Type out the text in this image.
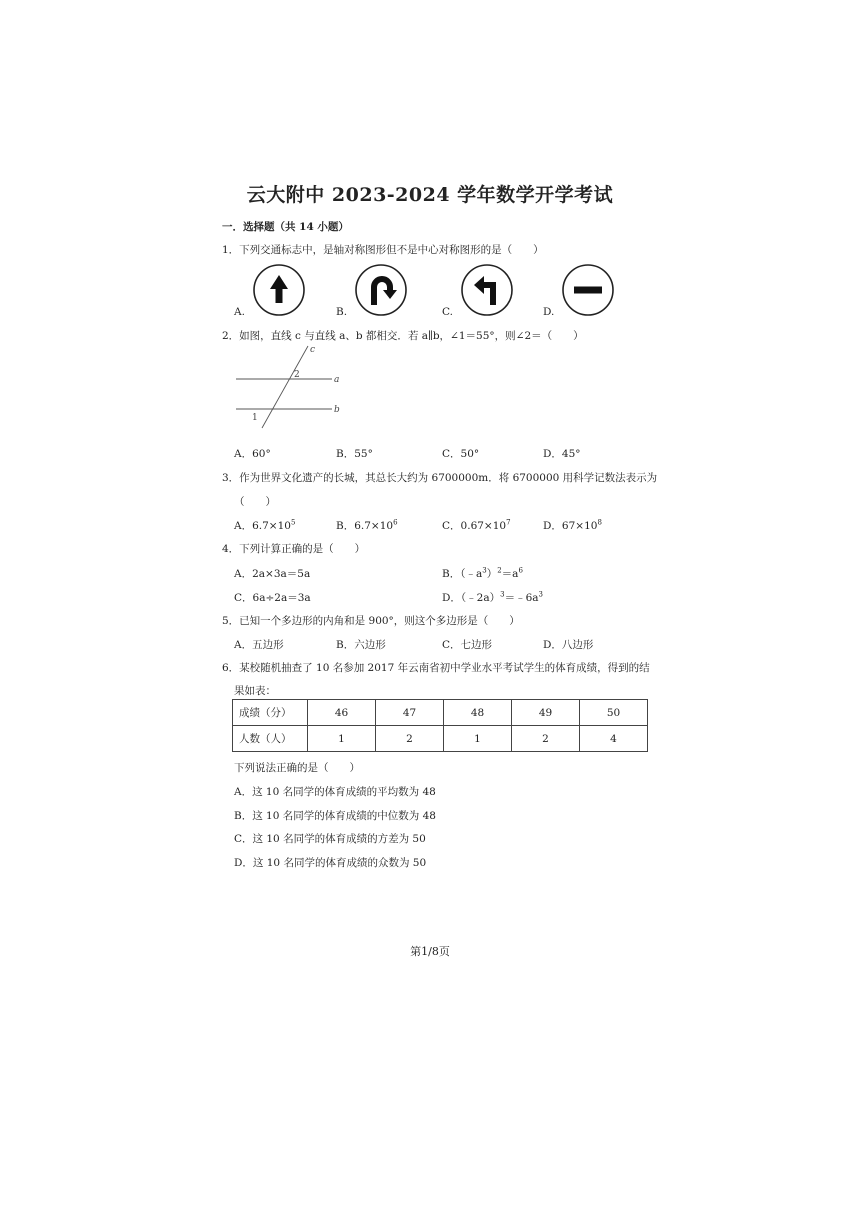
云大附中 2023-2024 学年数学开学考试
一．选择题（共 14 小题）
1．下列交通标志中，是轴对称图形但不是中心对称图形的是（　　）
A.	B.	C.	D.
2．如图，直线 c 与直线 a、b 都相交．若 a∥b，∠1＝55°，则∠2＝（　　）
c
a
b
2
1
A．60°	B．55°	C．50°	D．45°
3．作为世界文化遗产的长城，其总长大约为 6700000m．将 6700000 用科学记数法表示为
（　　）
A．$6.7\times 10^5$	B．$6.7\times 10^6$	C．$0.67\times 10^7$	D．$67\times 10^8$
4．下列计算正确的是（　　）
A．2a×3a＝5a	B．$(﹣a^3)^2=a^6$
C．6a÷2a＝3a	D．$(﹣2a)^3=﹣6a^3$
5．已知一个多边形的内角和是 900°，则这个多边形是（　　）
A．五边形	B．六边形	C．七边形	D．八边形
6．某校随机抽查了 10 名参加 2017 年云南省初中学业水平考试学生的体育成绩，得到的结
果如表：
成绩（分）	46	47	48	49	50
人数（人）	1	2	1	2	4
下列说法正确的是（　　）
A．这 10 名同学的体育成绩的平均数为 48
B．这 10 名同学的体育成绩的中位数为 48
C．这 10 名同学的体育成绩的方差为 50
D．这 10 名同学的体育成绩的众数为 50
第1/8页
